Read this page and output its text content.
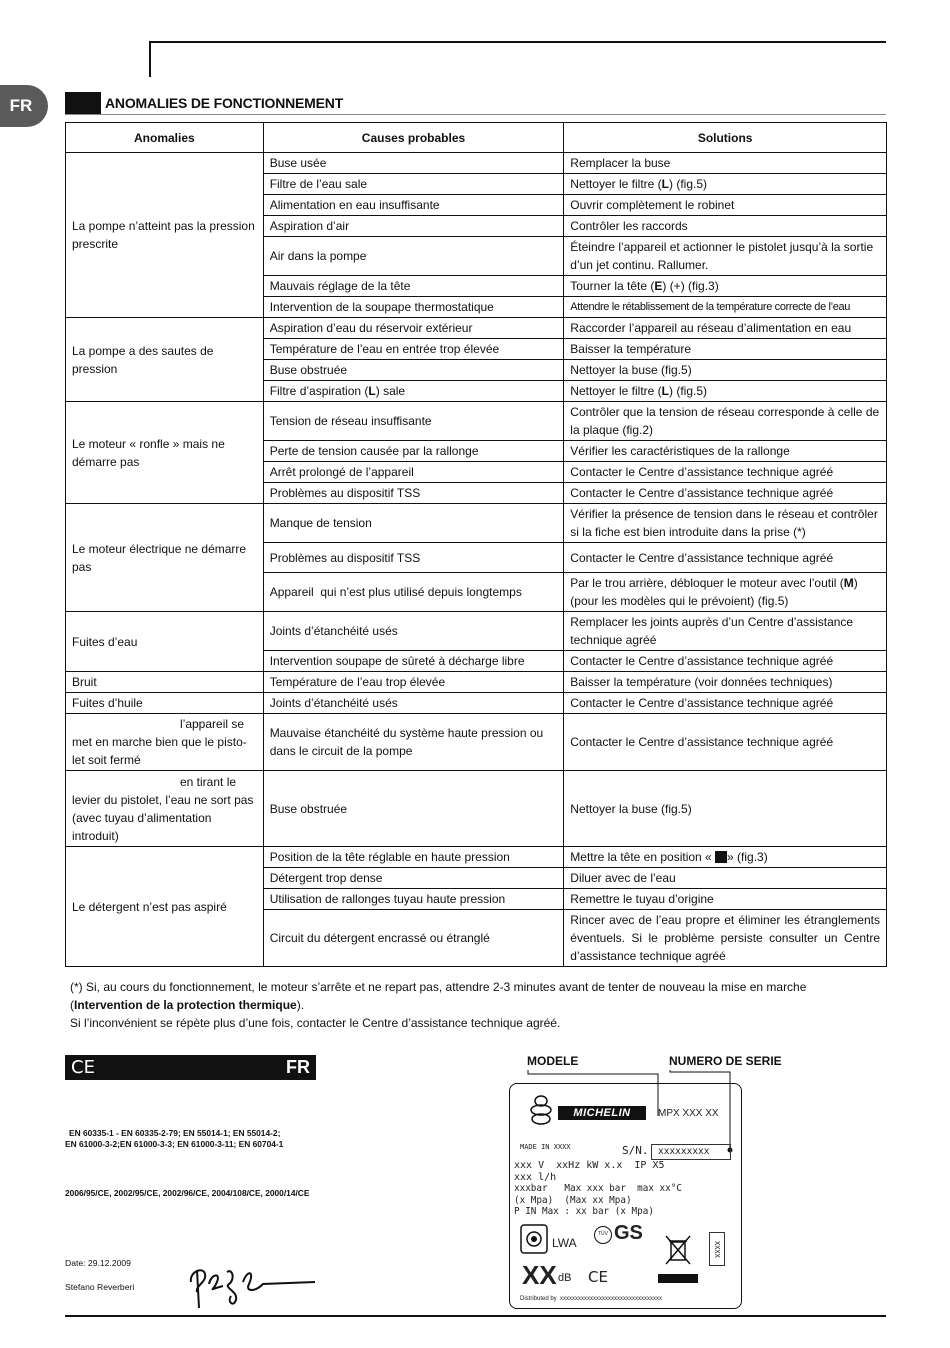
FR	ANOMALIES DE FONCTIONNEMENT
Anomalies	Causes probables	Solutions
La pompe n’atteint pas la pression prescrite	Buse usée	Remplacer la buse
	Filtre de l’eau sale	Nettoyer le filtre (L) (fig.5)
	Alimentation en eau insuffisante	Ouvrir complètement le robinet
	Aspiration d’air	Contrôler les raccords
	Air dans la pompe	Éteindre l’appareil et actionner le pistolet jusqu’à la sortie d’un jet continu. Rallumer.
	Mauvais réglage de la tête	Tourner la tête (E) (+) (fig.3)
	Intervention de la soupape thermostatique	Attendre le rétablissement de la température correcte de l’eau
La pompe a des sautes de pression	Aspiration d’eau du réservoir extérieur	Raccorder l’appareil au réseau d’alimentation en eau
	Température de l’eau en entrée trop élevée	Baisser la température
	Buse obstruée	Nettoyer la buse (fig.5)
	Filtre d’aspiration (L) sale	Nettoyer le filtre (L) (fig.5)
Le moteur « ronfle » mais ne démarre pas	Tension de réseau insuffisante	Contrôler que la tension de réseau corresponde à celle de la plaque (fig.2)
	Perte de tension causée par la rallonge	Vérifier les caractéristiques de la rallonge
	Arrêt prolongé de l’appareil	Contacter le Centre d’assistance technique agréé
	Problèmes au dispositif TSS	Contacter le Centre d’assistance technique agréé
Le moteur électrique ne démarre pas	Manque de tension	Vérifier la présence de tension dans le réseau et contrôler si la fiche est bien introduite dans la prise (*)
	Problèmes au dispositif TSS	Contacter le Centre d’assistance technique agréé
	Appareil  qui n’est plus utilisé depuis longtemps	Par le trou arrière, débloquer le moteur avec l’outil (M) (pour les modèles qui le prévoient) (fig.5)
Fuites d’eau	Joints d’étanchéité usés	Remplacer les joints auprès d’un Centre d’assistance technique agréé
	Intervention soupape de sûreté à décharge libre	Contacter le Centre d’assistance technique agréé
Bruit	Température de l’eau trop élevée	Baisser la température (voir données techniques)
Fuites d’huile	Joints d’étanchéité usés	Contacter le Centre d’assistance technique agréé
l’appareil se met en marche bien que le pisto-let soit fermé	Mauvaise étanchéité du système haute pression ou dans le circuit de la pompe	Contacter le Centre d’assistance technique agréé
en tirant le levier du pistolet, l’eau ne sort pas (avec tuyau d’alimentation introduit)	Buse obstruée	Nettoyer la buse (fig.5)
Le détergent n’est pas aspiré	Position de la tête réglable en haute pression	Mettre la tête en position « » (fig.3)
	Détergent trop dense	Diluer avec de l’eau
	Utilisation de rallonges tuyau haute pression	Remettre le tuyau d’origine
	Circuit du détergent encrassé ou étranglé	Rincer avec de l’eau propre et éliminer les étranglements éventuels. Si le problème persiste consulter un Centre d’assistance technique agréé
(*) Si, au cours du fonctionnement, le moteur s’arrête et ne repart pas, attendre 2-3 minutes avant de tenter de nouveau la mise en marche (Intervention de la protection thermique).
Si l’inconvénient se répète plus d’une fois, contacter le Centre d’assistance technique agréé.
CE	FR
EN 60335-1 - EN 60335-2-79; EN 55014-1; EN 55014-2;
EN 61000-3-2;EN 61000-3-3; EN 61000-3-11; EN 60704-1
2006/95/CE, 2002/95/CE, 2002/96/CE, 2004/108/CE, 2000/14/CE
Date: 29.12.2009
Stefano Reverberi
MODELE	NUMERO DE SERIE
MICHELIN	MPX XXX XX
MADE IN XXXX	S/N. xxxxxxxxx
xxx V  xxHz kW x.x  IP X5
xxx l/h
xxxbar   Max xxx bar  max xx°C
(x Mpa)  (Max xx Mpa)
P IN Max : xx bar (x Mpa)
LWA
TÜV GS
XXXX
XX dB CE
Distributed by  xxxxxxxxxxxxxxxxxxxxxxxxxxxxxxxxxx
